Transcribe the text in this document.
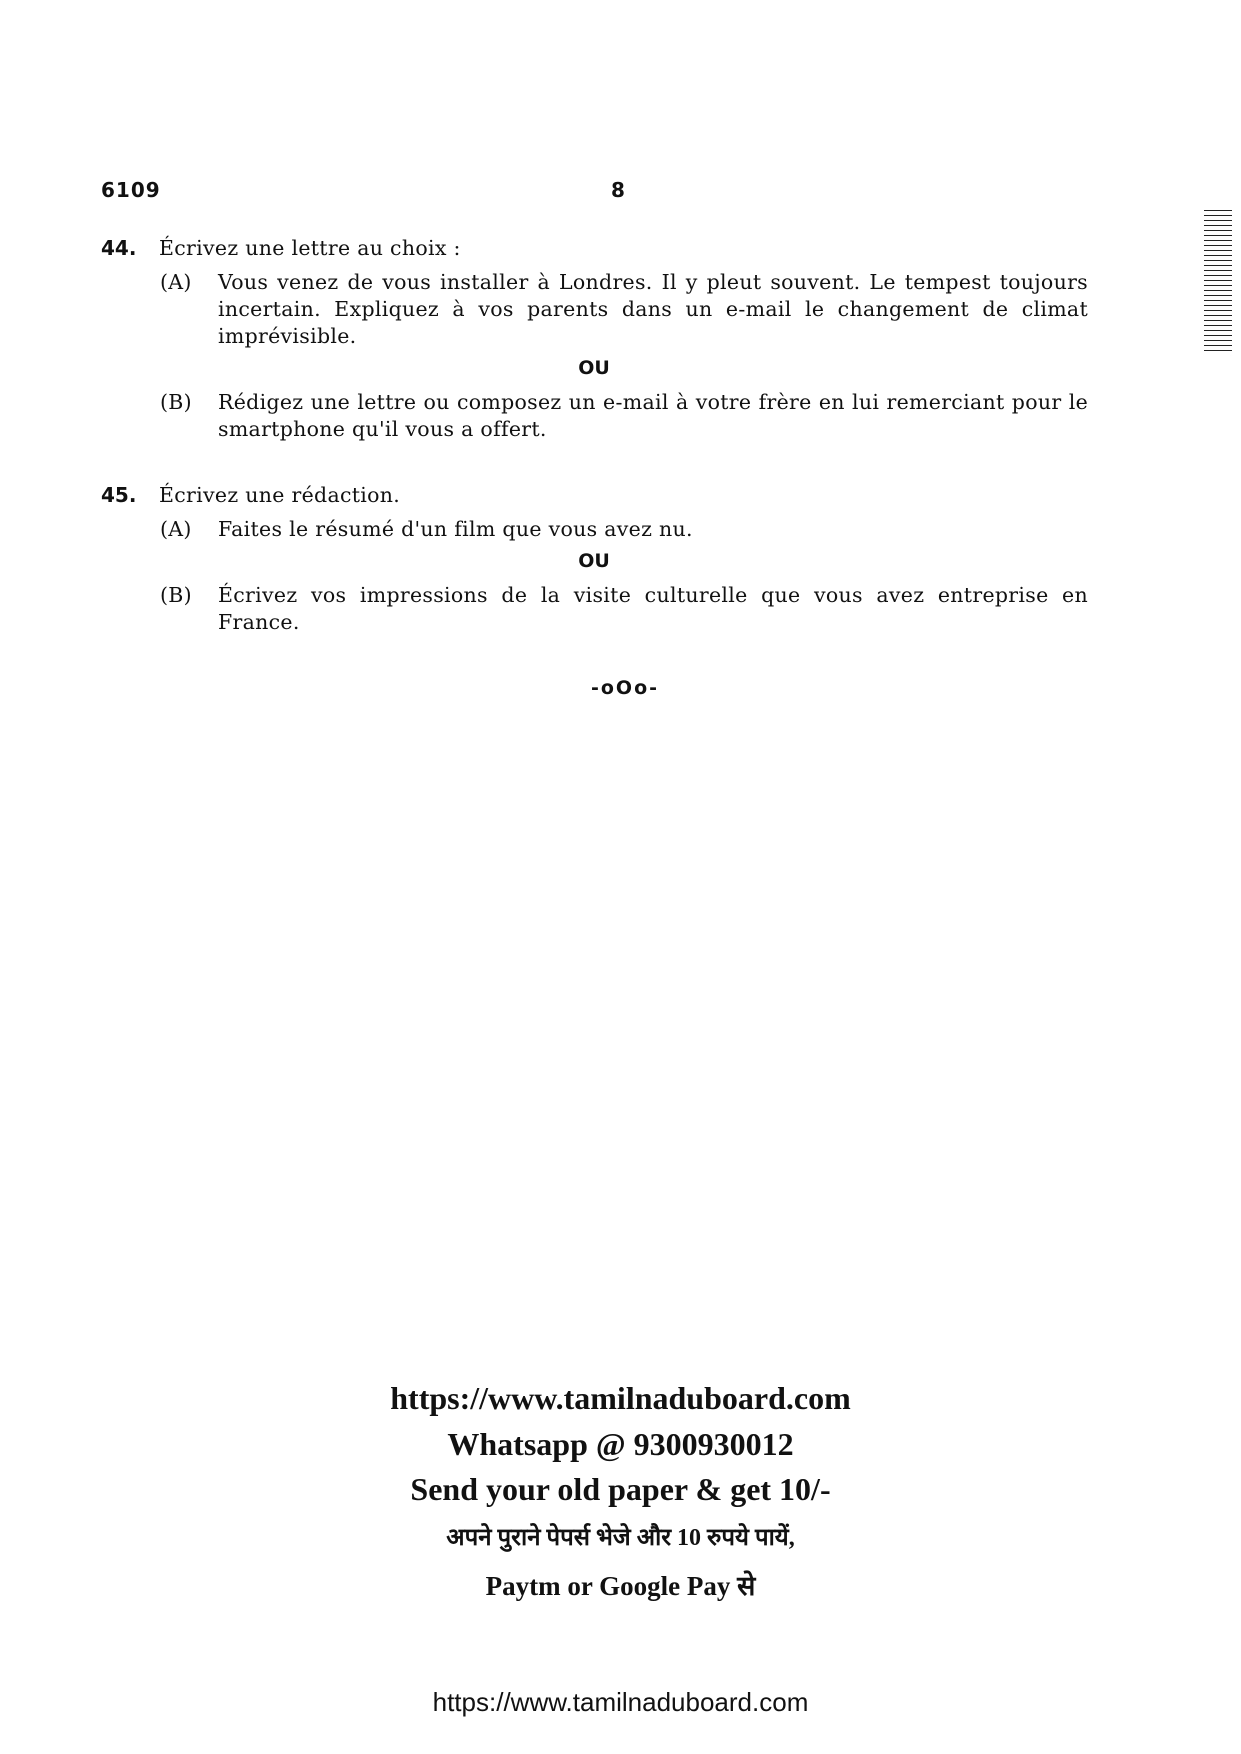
6109	8
44. Écrivez une lettre au choix :
(A) Vous venez de vous installer à Londres. Il y pleut souvent. Le tempest toujours incertain. Expliquez à vos parents dans un e-mail le changement de climat imprévisible.
OU
(B) Rédigez une lettre ou composez un e-mail à votre frère en lui remerciant pour le smartphone qu'il vous a offert.
45. Écrivez une rédaction.
(A) Faites le résumé d'un film que vous avez nu.
OU
(B) Écrivez vos impressions de la visite culturelle que vous avez entreprise en France.
-oOo-
https://www.tamilnaduboard.com
Whatsapp @ 9300930012
Send your old paper & get 10/-
अपने पुराने पेपर्स भेजे और 10 रुपये पायें,
Paytm or Google Pay से
https://www.tamilnaduboard.com
